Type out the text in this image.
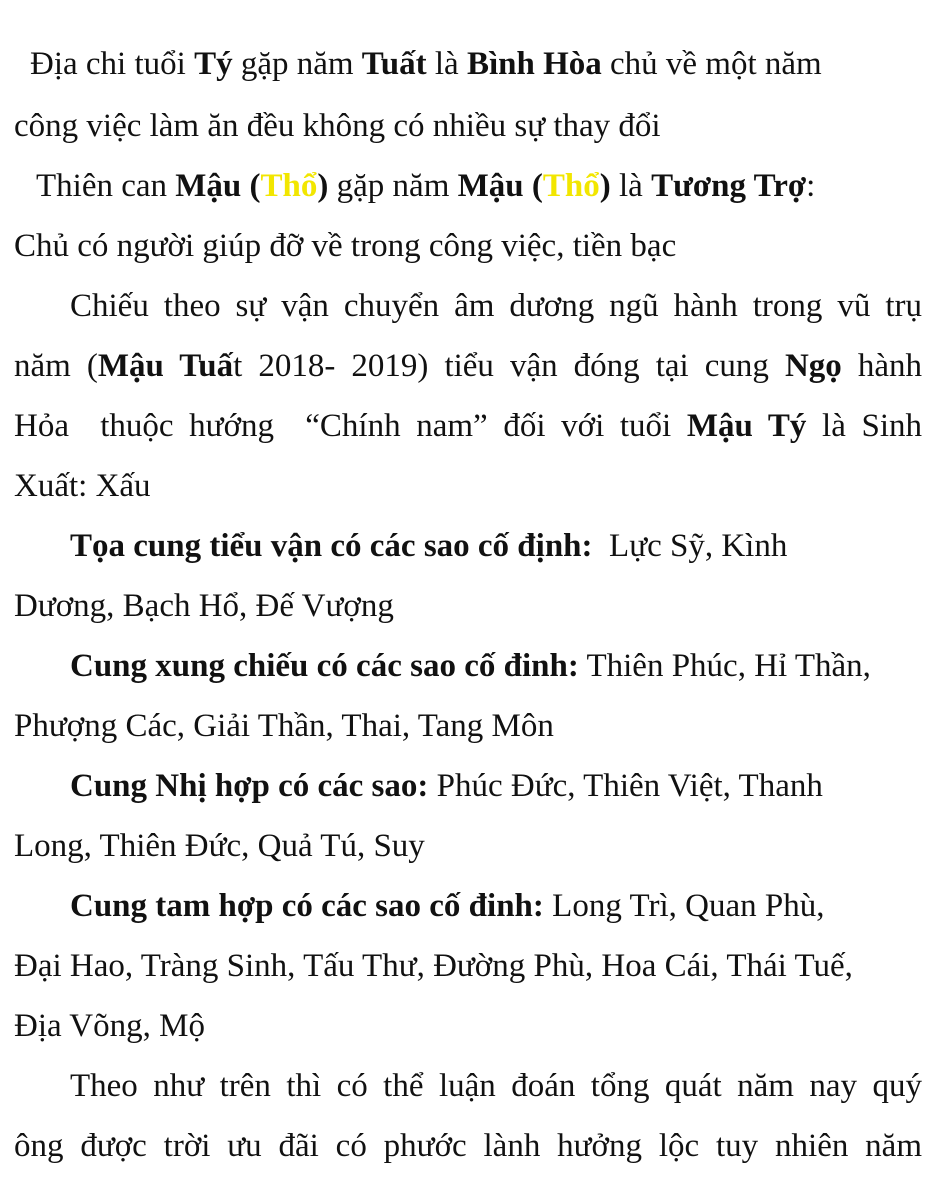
Địa chi tuổi Tý gặp năm Tuất là Bình Hòa chủ về một năm
công việc làm ăn đều không có nhiều sự thay đổi
Thiên can Mậu (Thổ) gặp năm Mậu (Thổ) là Tương Trợ:
Chủ có người giúp đỡ về trong công việc, tiền bạc
Chiếu theo sự vận chuyển âm dương ngũ hành trong vũ trụ
năm (Mậu Tuất 2018- 2019) tiểu vận đóng tại cung Ngọ hành
Hỏa  thuộc hướng  “Chính nam” đối với tuổi Mậu Tý là Sinh
Xuất: Xấu
Tọa cung tiểu vận có các sao cố định:  Lực Sỹ, Kình
Dương, Bạch Hổ, Đế Vượng
Cung xung chiếu có các sao cố đinh: Thiên Phúc, Hỉ Thần,
Phượng Các, Giải Thần, Thai, Tang Môn
Cung Nhị hợp có các sao: Phúc Đức, Thiên Việt, Thanh
Long, Thiên Đức, Quả Tú, Suy
Cung tam hợp có các sao cố đinh: Long Trì, Quan Phù,
Đại Hao, Tràng Sinh, Tấu Thư, Đường Phù, Hoa Cái, Thái Tuế,
Địa Võng, Mộ
Theo như trên thì có thể luận đoán tổng quát năm nay quý
ông được trời ưu đãi có phước lành hưởng lộc tuy nhiên năm
